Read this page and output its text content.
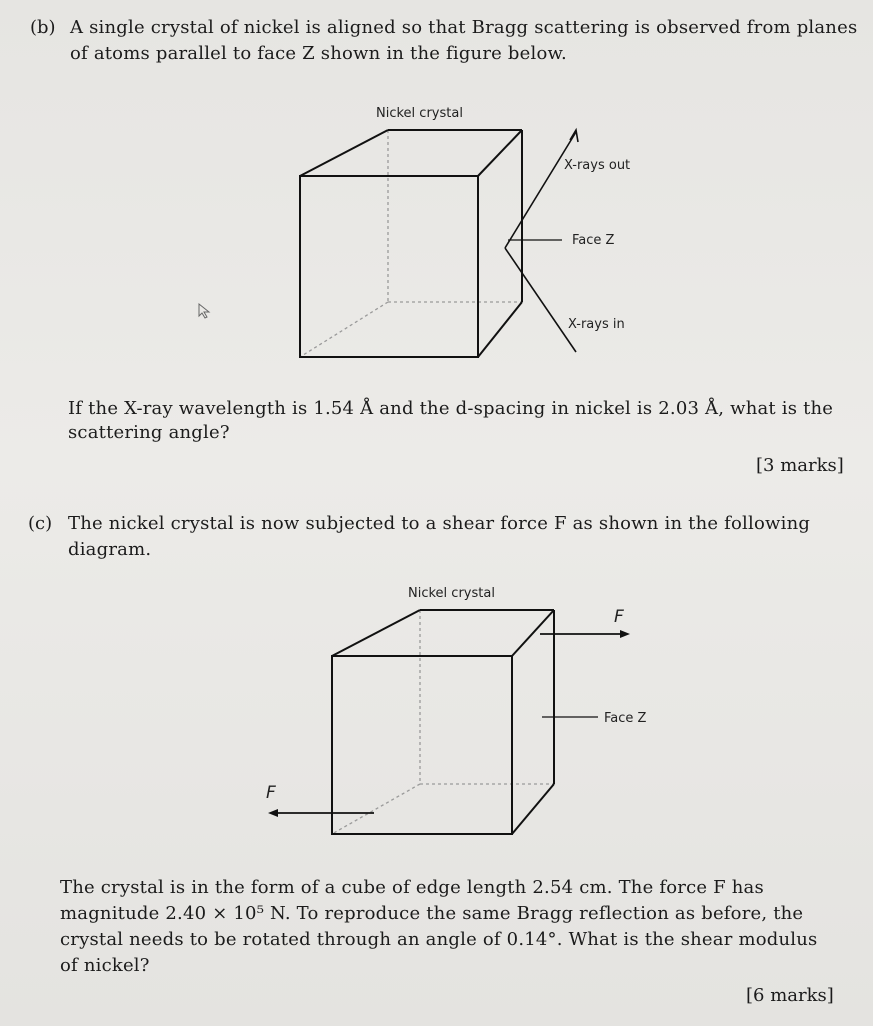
(b) A single crystal of nickel is aligned so that Bragg scattering is observed from planes
of atoms parallel to face Z shown in the figure below.
Nickel crystal
X-rays out
Face Z
X-rays in
If the X-ray wavelength is 1.54 Å and the d-spacing in nickel is 2.03 Å, what is the
scattering angle?
[3 marks]
(c) The nickel crystal is now subjected to a shear force F as shown in the following
diagram.
Nickel crystal
F
Face Z
F
The crystal is in the form of a cube of edge length 2.54 cm. The force F has
magnitude 2.40 × 10⁵ N. To reproduce the same Bragg reflection as before, the
crystal needs to be rotated through an angle of 0.14°. What is the shear modulus
of nickel?
[6 marks]
